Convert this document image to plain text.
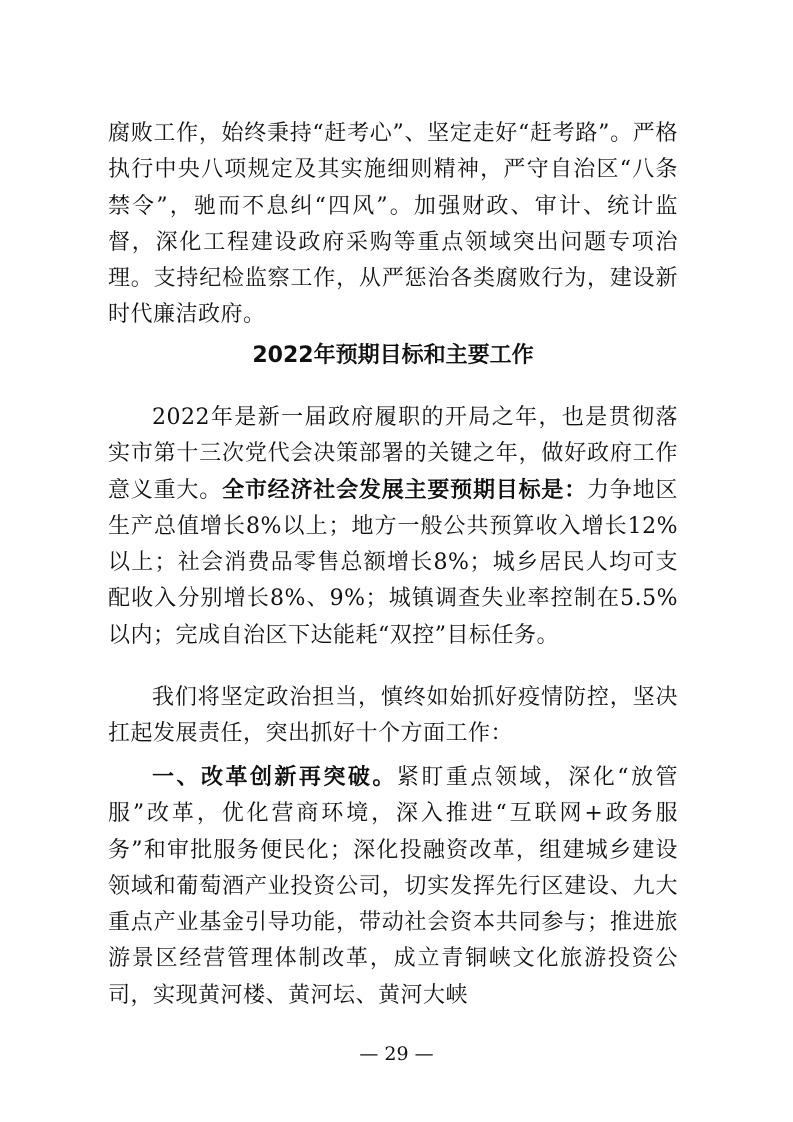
腐败工作，始终秉持“赶考心”、坚定走好“赶考路”。严格执行中央八项规定及其实施细则精神，严守自治区“八条禁令”，驰而不息纠“四风”。加强财政、审计、统计监督，深化工程建设政府采购等重点领域突出问题专项治理。支持纪检监察工作，从严惩治各类腐败行为，建设新时代廉洁政府。
2022年预期目标和主要工作
2022年是新一届政府履职的开局之年，也是贯彻落实市第十三次党代会决策部署的关键之年，做好政府工作意义重大。全市经济社会发展主要预期目标是：力争地区生产总值增长8%以上；地方一般公共预算收入增长12%以上；社会消费品零售总额增长8%；城乡居民人均可支配收入分别增长8%、9%；城镇调查失业率控制在5.5%以内；完成自治区下达能耗“双控”目标任务。
我们将坚定政治担当，慎终如始抓好疫情防控，坚决扛起发展责任，突出抓好十个方面工作：
一、改革创新再突破。紧盯重点领域，深化“放管服”改革，优化营商环境，深入推进“互联网+政务服务”和审批服务便民化；深化投融资改革，组建城乡建设领域和葡萄酒产业投资公司，切实发挥先行区建设、九大重点产业基金引导功能，带动社会资本共同参与；推进旅游景区经营管理体制改革，成立青铜峡文化旅游投资公司，实现黄河楼、黄河坛、黄河大峡
— 29 —
